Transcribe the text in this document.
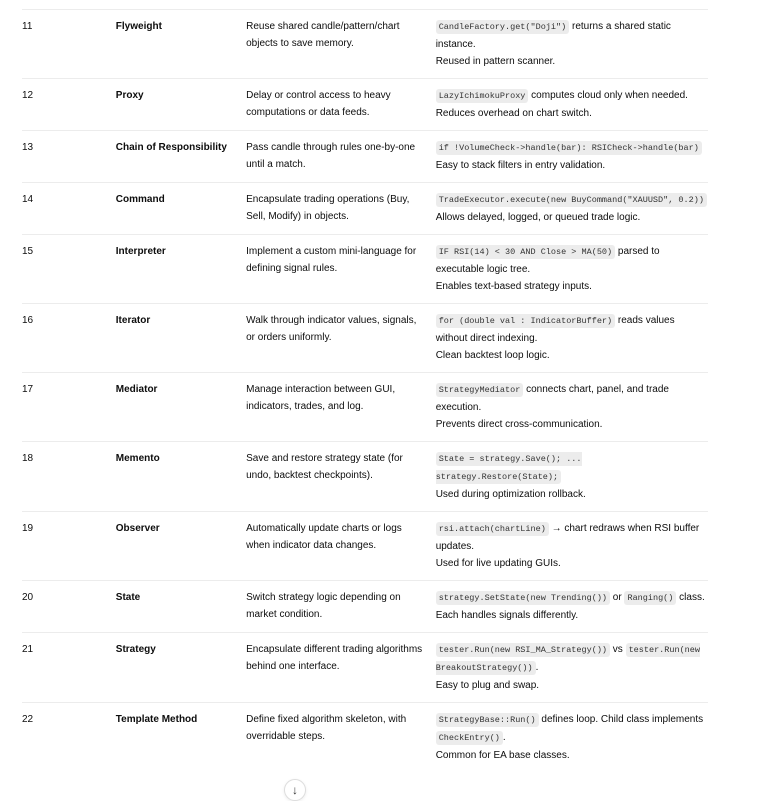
11	Flyweight	Reuse shared candle/pattern/chart objects to save memory.	CandleFactory.get("Doji") returns a shared static instance.
Reused in pattern scanner.

12	Proxy	Delay or control access to heavy computations or data feeds.	LazyIchimokuProxy computes cloud only when needed.
Reduces overhead on chart switch.

13	Chain of Responsibility	Pass candle through rules one-by-one until a match.	if !VolumeCheck->handle(bar): RSICheck->handle(bar)
Easy to stack filters in entry validation.

14	Command	Encapsulate trading operations (Buy, Sell, Modify) in objects.	TradeExecutor.execute(new BuyCommand("XAUUSD", 0.2))
Allows delayed, logged, or queued trade logic.

15	Interpreter	Implement a custom mini-language for defining signal rules.	IF RSI(14) < 30 AND Close > MA(50) parsed to executable logic tree.
Enables text-based strategy inputs.

16	Iterator	Walk through indicator values, signals, or orders uniformly.	for (double val : IndicatorBuffer) reads values without direct indexing.
Clean backtest loop logic.

17	Mediator	Manage interaction between GUI, indicators, trades, and log.	StrategyMediator connects chart, panel, and trade execution.
Prevents direct cross-communication.

18	Memento	Save and restore strategy state (for undo, backtest checkpoints).	State = strategy.Save(); ... strategy.Restore(State);
Used during optimization rollback.

19	Observer	Automatically update charts or logs when indicator data changes.	rsi.attach(chartLine) → chart redraws when RSI buffer updates.
Used for live updating GUIs.

20	State	Switch strategy logic depending on market condition.	strategy.SetState(new Trending()) or Ranging() class.
Each handles signals differently.

21	Strategy	Encapsulate different trading algorithms behind one interface.	tester.Run(new RSI_MA_Strategy()) vs tester.Run(new BreakoutStrategy()) .
Easy to plug and swap.

22	Template Method	Define fixed algorithm skeleton, with overridable steps.	StrategyBase::Run() defines loop. Child class implements CheckEntry() .
Common for EA base classes.
↓
